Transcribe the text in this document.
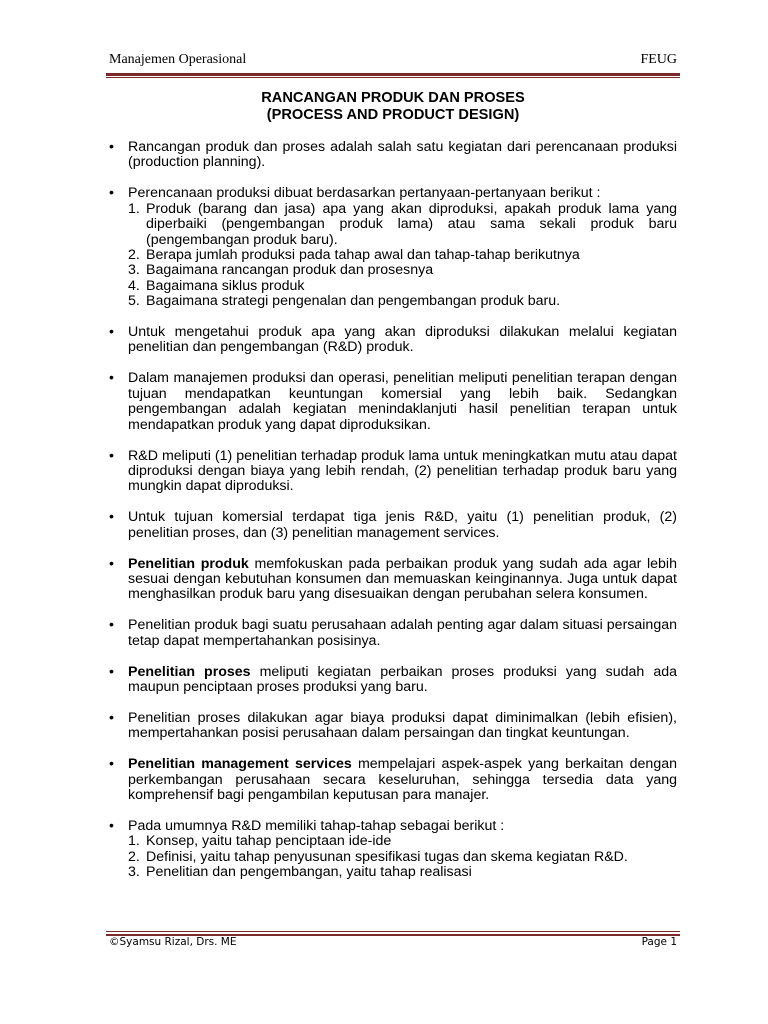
Manajemen Operasional	FEUG
RANCANGAN PRODUK DAN PROSES
(PROCESS AND PRODUCT DESIGN)
• Rancangan produk dan proses adalah salah satu kegiatan dari perencanaan produksi (production planning).

• Perencanaan produksi dibuat berdasarkan pertanyaan-pertanyaan berikut :

1. Produk (barang dan jasa) apa yang akan diproduksi, apakah produk lama yang diperbaiki (pengembangan produk lama) atau sama sekali produk baru (pengembangan produk baru).
2. Berapa jumlah produksi pada tahap awal dan tahap-tahap berikutnya
3. Bagaimana rancangan produk dan prosesnya
4. Bagaimana siklus produk
5. Bagaimana strategi pengenalan dan pengembangan produk baru.
• Untuk mengetahui produk apa yang akan diproduksi dilakukan melalui kegiatan penelitian dan pengembangan (R&D) produk.

• Dalam manajemen produksi dan operasi, penelitian meliputi penelitian terapan dengan tujuan mendapatkan keuntungan komersial yang lebih baik. Sedangkan pengembangan adalah kegiatan menindaklanjuti hasil penelitian terapan untuk mendapatkan produk yang dapat diproduksikan.

• R&D meliputi (1) penelitian terhadap produk lama untuk meningkatkan mutu atau dapat diproduksi dengan biaya yang lebih rendah, (2) penelitian terhadap produk baru yang mungkin dapat diproduksi.

• Untuk tujuan komersial terdapat tiga jenis R&D, yaitu (1) penelitian produk, (2) penelitian proses, dan (3) penelitian management services.

• Penelitian produk memfokuskan pada perbaikan produk yang sudah ada agar lebih sesuai dengan kebutuhan konsumen dan memuaskan keinginannya. Juga untuk dapat menghasilkan produk baru yang disesuaikan dengan perubahan selera konsumen.

• Penelitian produk bagi suatu perusahaan adalah penting agar dalam situasi persaingan tetap dapat mempertahankan posisinya.

• Penelitian proses meliputi kegiatan perbaikan proses produksi yang sudah ada maupun penciptaan proses produksi yang baru.

• Penelitian proses dilakukan agar biaya produksi dapat diminimalkan (lebih efisien), mempertahankan posisi perusahaan dalam persaingan dan tingkat keuntungan.

• Penelitian management services mempelajari aspek-aspek yang berkaitan dengan perkembangan perusahaan secara keseluruhan, sehingga tersedia data yang komprehensif bagi pengambilan keputusan para manajer.

• Pada umumnya R&D memiliki tahap-tahap sebagai berikut :

1. Konsep, yaitu tahap penciptaan ide-ide
2. Definisi, yaitu tahap penyusunan spesifikasi tugas dan skema kegiatan R&D.
3. Penelitian dan pengembangan, yaitu tahap realisasi
©Syamsu Rizal, Drs. ME	Page 1
